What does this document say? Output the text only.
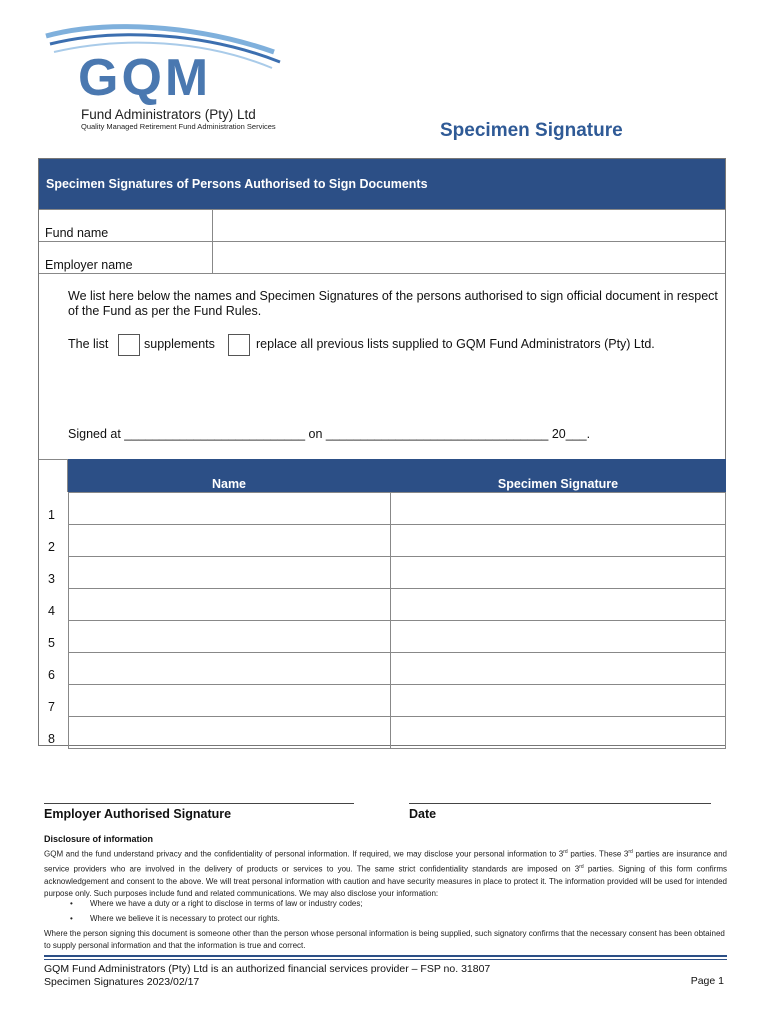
GQM
Fund Administrators (Pty) Ltd
Quality Managed Retirement Fund Administration Services	Specimen Signature
Specimen Signatures of Persons Authorised to Sign Documents
Fund name
Employer name
We list here below the names and Specimen Signatures of the persons authorised to sign official document in respect of the Fund as per the Fund Rules.
The list	supplements	replace all previous lists supplied to GQM Fund Administrators (Pty) Ltd.
Signed at __________________________ on ________________________________ 20___.
Name	Specimen Signature
1
2
3
4
5
6
7
8
Employer Authorised Signature	Date
Disclosure of information
GQM and the fund understand privacy and the confidentiality of personal information. If required, we may disclose your personal information to 3rd parties. These 3rd parties are insurance and service providers who are involved in the delivery of products or services to you. The same strict confidentiality standards are imposed on 3rd parties. Signing of this form confirms acknowledgement and consent to the above. We will treat personal information with caution and have security measures in place to protect it. The information provided will be used for intended purpose only. Such purposes include fund and related communications. We may also disclose your information:
• Where we have a duty or a right to disclose in terms of law or industry codes;
• Where we believe it is necessary to protect our rights.
Where the person signing this document is someone other than the person whose personal information is being supplied, such signatory confirms that the necessary consent has been obtained to supply personal information and that the information is true and correct.
GQM Fund Administrators (Pty) Ltd is an authorized financial services provider – FSP no. 31807
Specimen Signatures 2023/02/17	Page 1
